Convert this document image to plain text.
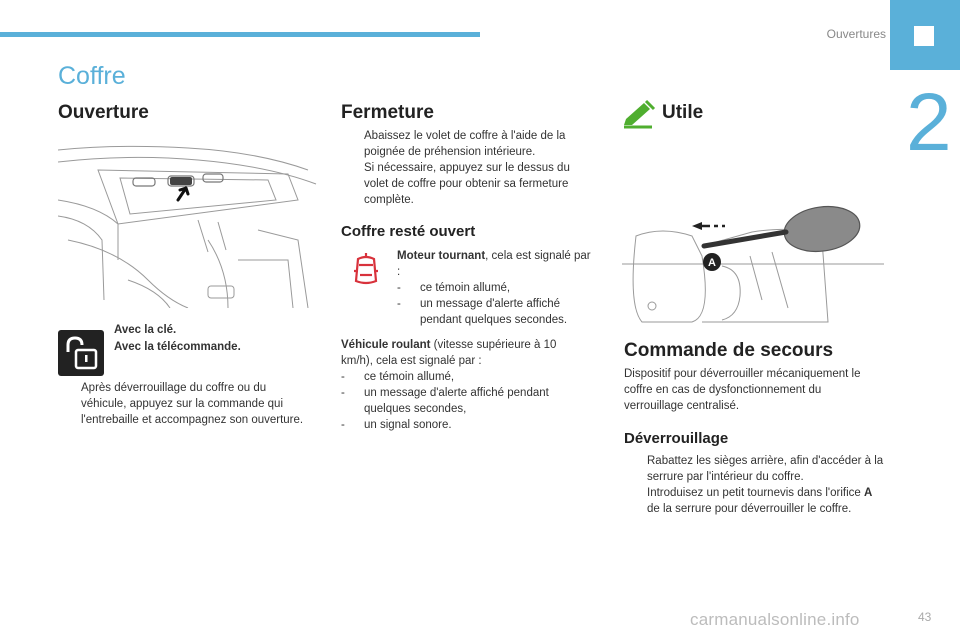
Ouvertures
2
Coffre
Ouverture
Avec la clé.
Avec la télécommande.
Après déverrouillage du coffre ou du véhicule, appuyez sur la commande qui l'entrebaille et accompagnez son ouverture.
Fermeture
Abaissez le volet de coffre à l'aide de la poignée de préhension intérieure.
Si nécessaire, appuyez sur le dessus du volet de coffre pour obtenir sa fermeture complète.
Coffre resté ouvert
Moteur tournant, cela est signalé par :
- ce témoin allumé,
- un message d'alerte affiché pendant quelques secondes.
Véhicule roulant (vitesse supérieure à 10 km/h), cela est signalé par :
- ce témoin allumé,
- un message d'alerte affiché pendant quelques secondes,
- un signal sonore.
Utile
A
Commande de secours
Dispositif pour déverrouiller mécaniquement le coffre en cas de dysfonctionnement du verrouillage centralisé.
Déverrouillage
Rabattez les sièges arrière, afin d'accéder à la serrure par l'intérieur du coffre.
Introduisez un petit tournevis dans l'orifice A de la serrure pour déverrouiller le coffre.
carmanualsonline.info	43
